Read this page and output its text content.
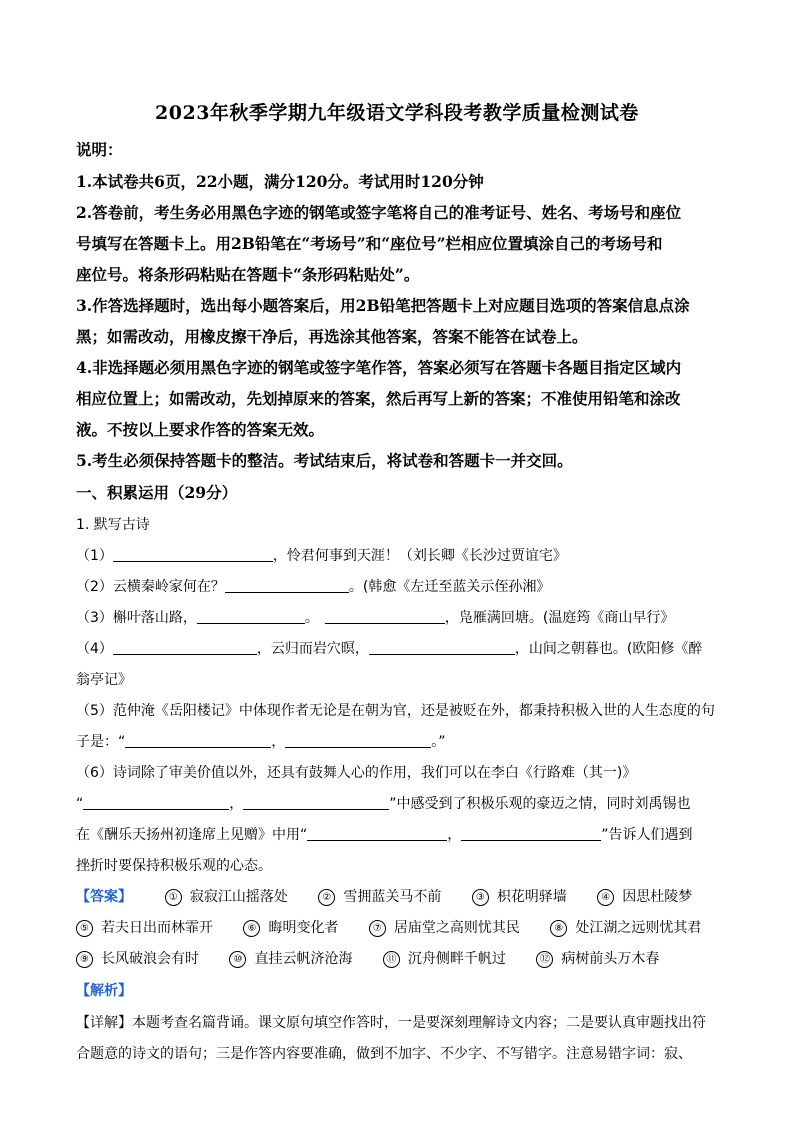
2023年秋季学期九年级语文学科段考教学质量检测试卷
说明：
1.本试卷共6页，22小题，满分120分。考试用时120分钟
2.答卷前，考生务必用黑色字迹的钢笔或签字笔将自己的准考证号、姓名、考场号和座位
号填写在答题卡上。用2B铅笔在“考场号”和“座位号”栏相应位置填涂自己的考场号和
座位号。将条形码粘贴在答题卡“条形码粘贴处”。
3.作答选择题时，选出每小题答案后，用2B铅笔把答题卡上对应题目选项的答案信息点涂
黑；如需改动，用橡皮擦干净后，再选涂其他答案，答案不能答在试卷上。
4.非选择题必须用黑色字迹的钢笔或签字笔作答，答案必须写在答题卡各题目指定区域内
相应位置上；如需改动，先划掉原来的答案，然后再写上新的答案；不准使用铅笔和涂改
液。不按以上要求作答的答案无效。
5.考生必须保持答题卡的整洁。考试结束后，将试卷和答题卡一并交回。
一、积累运用（29分）
1. 默写古诗
（1）	，怜君何事到天涯！（刘长卿《长沙过贾谊宅》
（2）云横秦岭家何在？	。(韩愈《左迁至蓝关示侄孙湘》
（3）槲叶落山路，	。	，凫雁满回塘。(温庭筠《商山早行》
（4）	，云归而岩穴暝，	，山间之朝暮也。(欧阳修《醉
翁亭记》
（5）范仲淹《岳阳楼记》中体现作者无论是在朝为官，还是被贬在外，都秉持积极入世的人生态度的句
子是：“	，	。”
（6）诗词除了审美价值以外，还具有鼓舞人心的作用，我们可以在李白《行路难（其一)》
“	，	”中感受到了积极乐观的豪迈之情，同时刘禹锡也
在《酬乐天扬州初逢席上见赠》中用“	，	”告诉人们遇到
挫折时要保持积极乐观的心态。
【答案】	① 寂寂江山摇落处	② 雪拥蓝关马不前	③ 枳花明驿墙	④ 因思杜陵梦
⑤ 若夫日出而林霏开	⑥ 晦明变化者	⑦ 居庙堂之高则忧其民	⑧ 处江湖之远则忧其君
⑨ 长风破浪会有时	⑩ 直挂云帆济沧海	⑪ 沉舟侧畔千帆过	⑫ 病树前头万木春
【解析】
【详解】本题考查名篇背诵。课文原句填空作答时，一是要深刻理解诗文内容；二是要认真审题找出符
合题意的诗文的语句；三是作答内容要准确，做到不加字、不少字、不写错字。注意易错字词：寂、
